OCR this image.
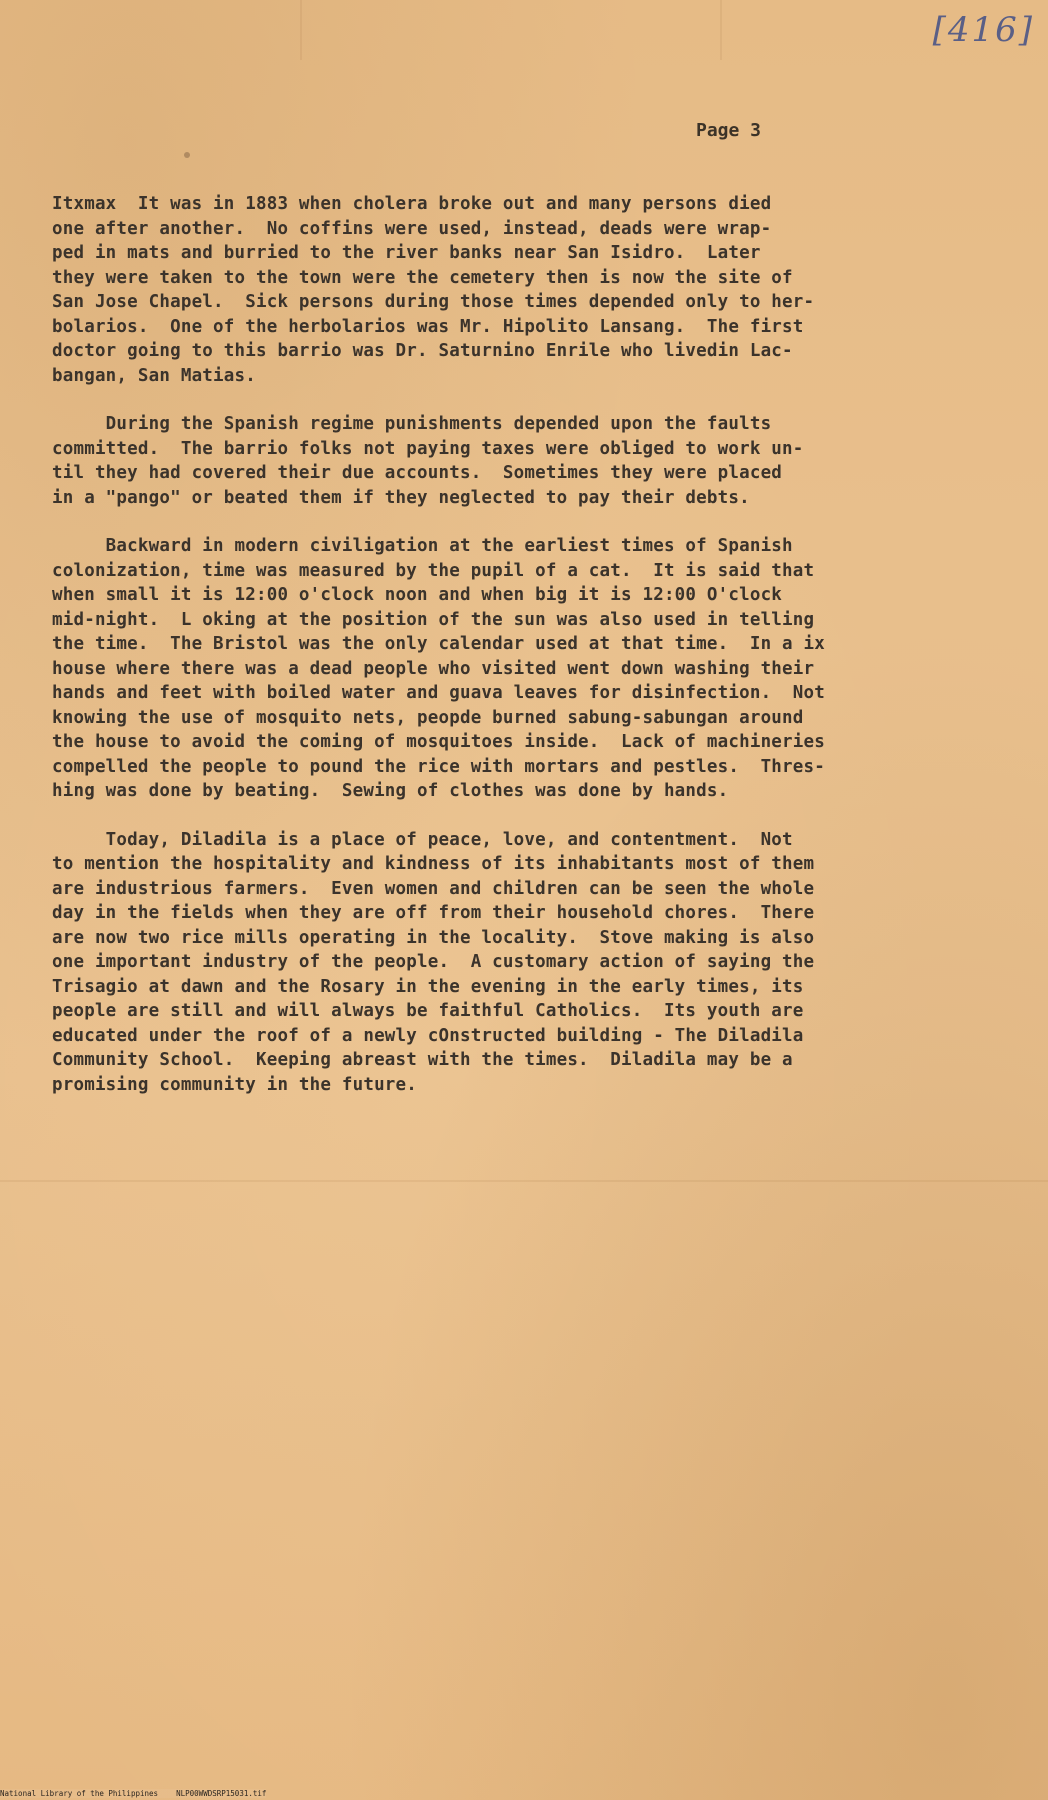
[416]
Page 3
Itxmax  It was in 1883 when cholera broke out and many persons died
one after another.  No coffins were used, instead, deads were wrap-
ped in mats and burried to the river banks near San Isidro.  Later
they were taken to the town were the cemetery then is now the site of
San Jose Chapel.  Sick persons during those times depended only to her-
bolarios.  One of the herbolarios was Mr. Hipolito Lansang.  The first
doctor going to this barrio was Dr. Saturnino Enrile who livedin Lac-
bangan, San Matias.
During the Spanish regime punishments depended upon the faults
committed.  The barrio folks not paying taxes were obliged to work un-
til they had covered their due accounts.  Sometimes they were placed
in a "pango" or beated them if they neglected to pay their debts.
Backward in modern civiligation at the earliest times of Spanish
colonization, time was measured by the pupil of a cat.  It is said that
when small it is 12:00 o'clock noon and when big it is 12:00 O'clock
mid-night.  L oking at the position of the sun was also used in telling
the time.  The Bristol was the only calendar used at that time.  In a ix
house where there was a dead people who visited went down washing their
hands and feet with boiled water and guava leaves for disinfection.  Not
knowing the use of mosquito nets, peopde burned sabung-sabungan around
the house to avoid the coming of mosquitoes inside.  Lack of machineries
compelled the people to pound the rice with mortars and pestles.  Thres-
hing was done by beating.  Sewing of clothes was done by hands.
Today, Diladila is a place of peace, love, and contentment.  Not
to mention the hospitality and kindness of its inhabitants most of them
are industrious farmers.  Even women and children can be seen the whole
day in the fields when they are off from their household chores.  There
are now two rice mills operating in the locality.  Stove making is also
one important industry of the people.  A customary action of saying the
Trisagio at dawn and the Rosary in the evening in the early times, its
people are still and will always be faithful Catholics.  Its youth are
educated under the roof of a newly cOnstructed building - The Diladila
Community School.  Keeping abreast with the times.  Diladila may be a
promising community in the future.
National Library of the Philippines    NLP00WWDSRP15031.tif
